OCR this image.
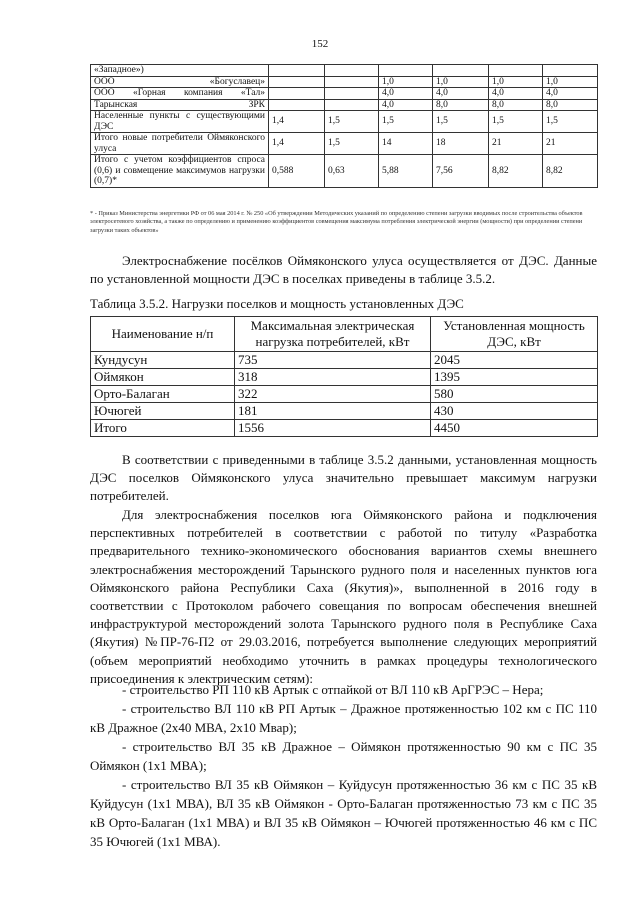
152
«Западное»)						
ООО «Богуславец»			1,0	1,0	1,0	1,0
ООО «Горная компания «Тал»			4,0	4,0	4,0	4,0
Тарынская ЗРК			4,0	8,0	8,0	8,0
Населенные пункты с существующими ДЭС	1,4	1,5	1,5	1,5	1,5	1,5
Итого новые потребители Оймяконского улуса	1,4	1,5	14	18	21	21
Итого с учетом коэффициентов спроса (0,6) и совмещение максимумов нагрузки (0,7)*	0,588	0,63	5,88	7,56	8,82	8,82
* - Приказ Министерства энергетики РФ от 06 мая 2014 г. № 250 «Об утверждении Методических указаний по определению степени загрузки вводимых после строительства объектов электросетевого хозяйства, а также по определению и применению коэффициентов совмещения максимума потребления электрической энергии (мощности) при определении степени загрузки таких объектов»
Электроснабжение посёлков Оймяконского улуса осуществляется от ДЭС. Данные по установленной мощности ДЭС в поселках приведены в таблице 3.5.2.
Таблица 3.5.2. Нагрузки поселков и мощность установленных ДЭС
Наименование н/п	Максимальная электрическая нагрузка потребителей, кВт	Установленная мощность ДЭС, кВт
Кундусун	735	2045
Оймякон	318	1395
Орто-Балаган	322	580
Ючюгей	181	430
Итого	1556	4450
В соответствии с приведенными в таблице 3.5.2 данными, установленная мощность ДЭС поселков Оймяконского улуса значительно превышает максимум нагрузки потребителей.
Для электроснабжения поселков юга Оймяконского района и подключения перспективных потребителей в соответствии с работой по титулу «Разработка предварительного технико-экономического обоснования вариантов схемы внешнего электроснабжения месторождений Тарынского рудного поля и населенных пунктов юга Оймяконского района Республики Саха (Якутия)», выполненной в 2016 году в соответствии с Протоколом рабочего совещания по вопросам обеспечения внешней инфраструктурой месторождений золота Тарынского рудного поля в Республике Саха (Якутия) №ПР-76-П2 от 29.03.2016, потребуется выполнение следующих мероприятий (объем мероприятий необходимо уточнить в рамках процедуры технологического присоединения к электрическим сетям):
- строительство РП 110 кВ Артык с отпайкой от ВЛ 110 кВ АрГРЭС – Нера;
- строительство ВЛ 110 кВ РП Артык – Дражное протяженностью 102 км с ПС 110 кВ Дражное (2х40 МВА, 2х10 Мвар);
- строительство ВЛ 35 кВ Дражное – Оймякон протяженностью 90 км с ПС 35 Оймякон (1х1 МВА);
- строительство ВЛ 35 кВ Оймякон – Куйдусун протяженностью 36 км с ПС 35 кВ Куйдусун (1х1 МВА), ВЛ 35 кВ Оймякон - Орто-Балаган протяженностью 73 км с ПС 35 кВ Орто-Балаган (1х1 МВА) и ВЛ 35 кВ Оймякон – Ючюгей протяженностью 46 км с ПС 35 Ючюгей (1х1 МВА).
